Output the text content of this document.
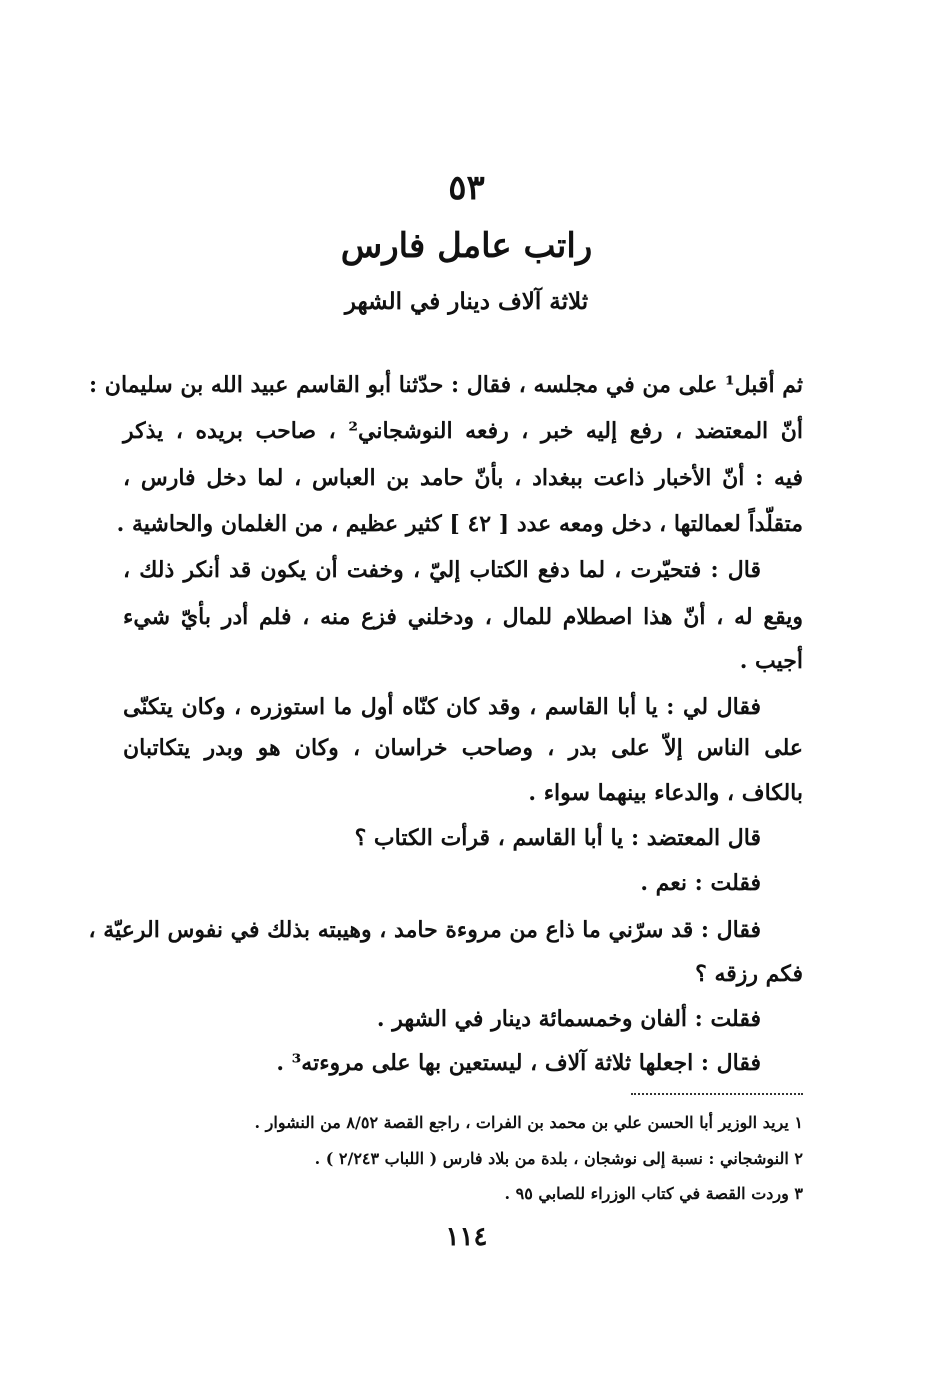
٥٣
راتب عامل فارس
ثلاثة آلاف دينار في الشهر
ثم أقبل¹ على من في مجلسه ، فقال : حدّثنا أبو القاسم عبيد الله بن سليمان :
أنّ المعتضد ، رفع إليه خبر ، رفعه النوشجاني² ، صاحب بريده ، يذكر
فيه : أنّ الأخبار ذاعت ببغداد ، بأنّ حامد بن العباس ، لما دخل فارس ،
متقلّداً لعمالتها ، دخل ومعه عدد [ ٤٢ ] كثير عظيم ، من الغلمان والحاشية .
قال : فتحيّرت ، لما دفع الكتاب إليّ ، وخفت أن يكون قد أنكر ذلك ،
ويقع له ، أنّ هذا اصطلام للمال ، ودخلني فزع منه ، فلم أدر بأيّ شيء
أجيب .
فقال لي : يا أبا القاسم ، وقد كان كنّاه أول ما استوزره ، وكان يتكنّى
على الناس إلاّ على بدر ، وصاحب خراسان ، وكان هو وبدر يتكاتبان
بالكاف ، والدعاء بينهما سواء .
قال المعتضد : يا أبا القاسم ، قرأت الكتاب ؟
فقلت : نعم .
فقال : قد سرّني ما ذاع من مروءة حامد ، وهيبته بذلك في نفوس الرعيّة ،
فكم رزقه ؟
فقلت : ألفان وخمسمائة دينار في الشهر .
فقال : اجعلها ثلاثة آلاف ، ليستعين بها على مروءته³ .
١ يريد الوزير أبا الحسن علي بن محمد بن الفرات ، راجع القصة ٨/٥٢ من النشوار .
٢ النوشجاني : نسبة إلى نوشجان ، بلدة من بلاد فارس ( اللباب ٢/٢٤٣ ) .
٣ وردت القصة في كتاب الوزراء للصابي ٩٥ .
١١٤
